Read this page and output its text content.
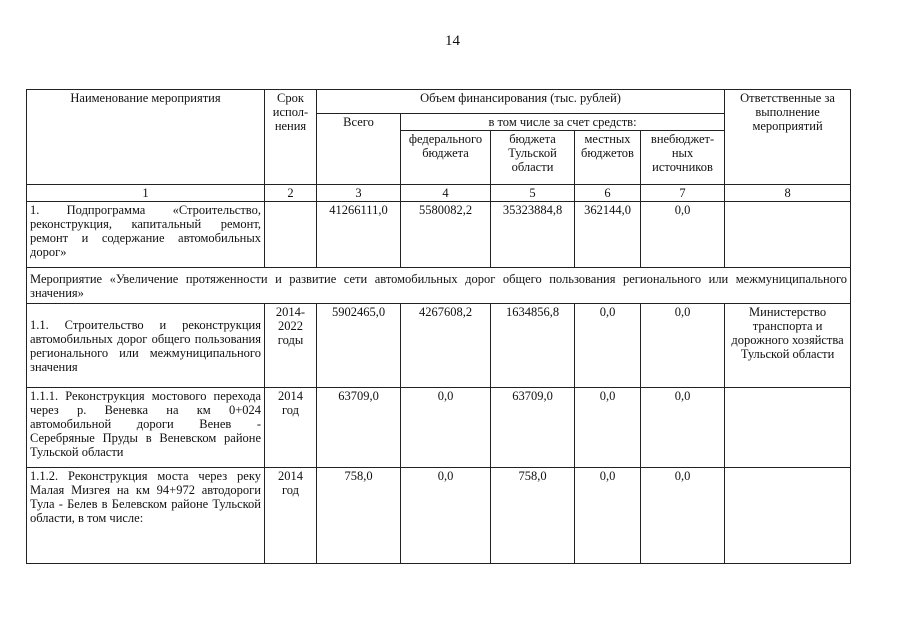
14
Наименование мероприятия	Срок испол-нения	Объем финансирования (тыс. рублей)					Ответственные за выполнение мероприятий
		Всего	в том числе за счет средств:				
			федерального бюджета	бюджета Тульской области	местных бюджетов	внебюджет-ных источников	
1	2	3	4	5	6	7	8
1. Подпрограмма «Строительство, реконструкция, капитальный ремонт, ремонт и содержание автомобильных дорог»		41266111,0	5580082,2	35323884,8	362144,0	0,0	
Мероприятие «Увеличение протяженности и развитие сети автомобильных дорог общего пользования регионального или межмуниципального значения»							
1.1. Строительство и реконструкция автомобильных дорог общего пользования регионального или межмуниципального значения	2014-2022 годы	5902465,0	4267608,2	1634856,8	0,0	0,0	Министерство транспорта и дорожного хозяйства Тульской области
1.1.1. Реконструкция мостового перехода через р. Веневка на км 0+024 автомобильной дороги Венев - Серебряные Пруды в Веневском районе Тульской области	2014 год	63709,0	0,0	63709,0	0,0	0,0	
1.1.2. Реконструкция моста через реку Малая Мизгея на км 94+972 автодороги Тула - Белев в Белевском районе Тульской области, в том числе:	2014 год	758,0	0,0	758,0	0,0	0,0	
